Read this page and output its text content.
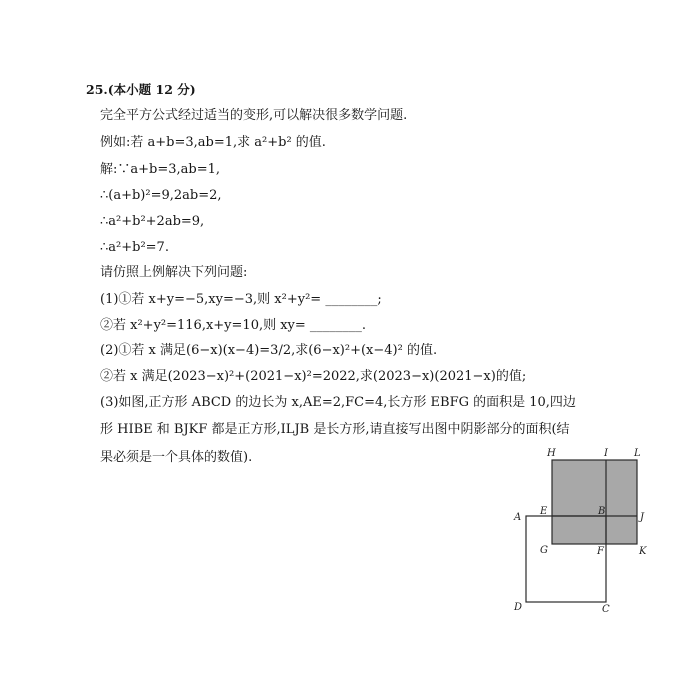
25.(本小题 12 分)
完全平方公式经过适当的变形,可以解决很多数学问题.
例如:若 a+b=3,ab=1,求 a²+b² 的值.
解:∵a+b=3,ab=1,
∴(a+b)²=9,2ab=2,
∴a²+b²+2ab=9,
∴a²+b²=7.
请仿照上例解决下列问题:
(1)①若 x+y=−5,xy=−3,则 x²+y²= ________;
②若 x²+y²=116,x+y=10,则 xy= ________.
(2)①若 x 满足(6−x)(x−4)=3/2,求(6−x)²+(x−4)² 的值.
②若 x 满足(2023−x)²+(2021−x)²=2022,求(2023−x)(2021−x)的值;
(3)如图,正方形 ABCD 的边长为 x,AE=2,FC=4,长方形 EBFG 的面积是 10,四边
形 HIBE 和 BJKF 都是正方形,ILJB 是长方形,请直接写出图中阴影部分的面积(结
果必须是一个具体的数值).	H	I	L
A
E	B
J
G	F	K
D	C
